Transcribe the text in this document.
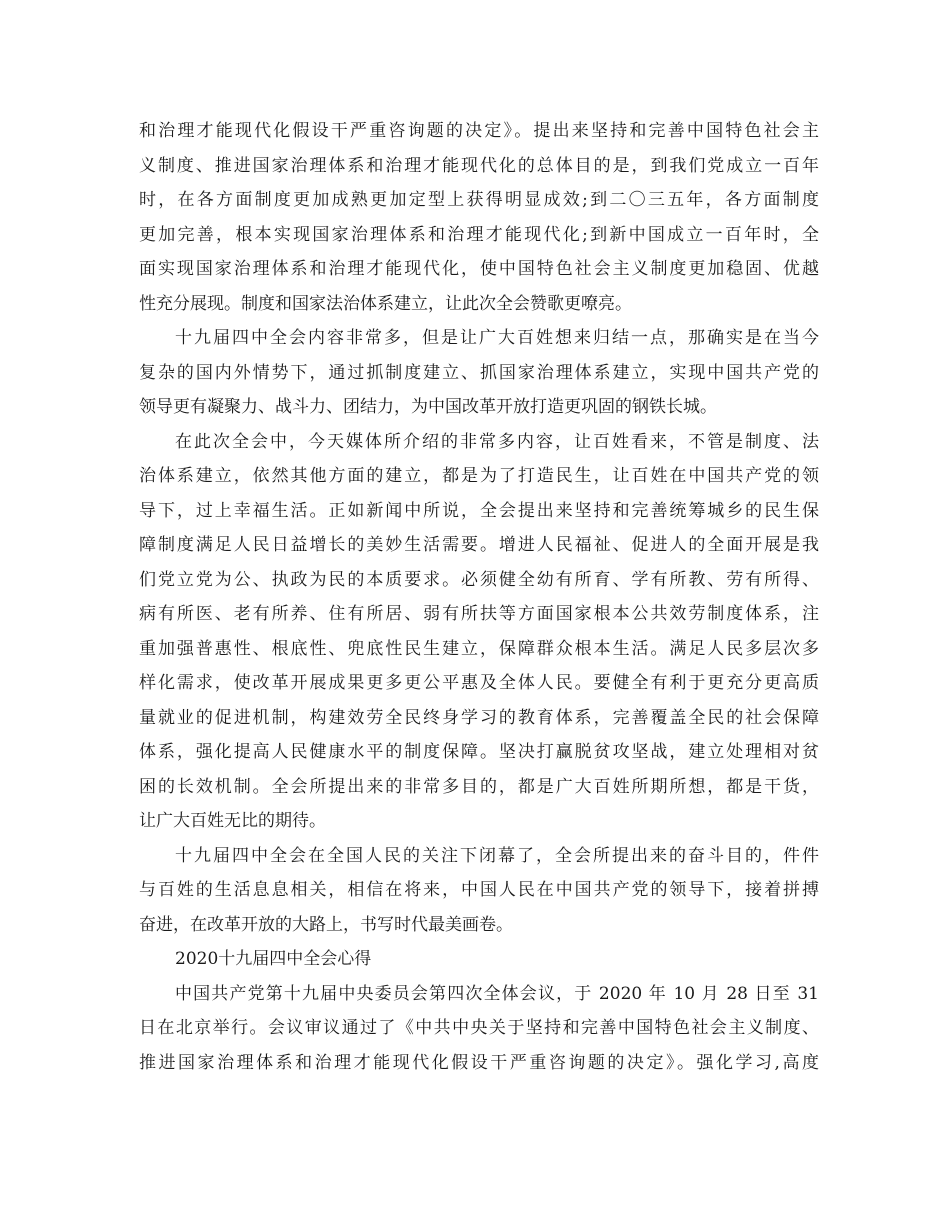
和治理才能现代化假设干严重咨询题的决定》。提出来坚持和完善中国特色社会主
义制度、推进国家治理体系和治理才能现代化的总体目的是，到我们党成立一百年
时，在各方面制度更加成熟更加定型上获得明显成效;到二〇三五年，各方面制度
更加完善，根本实现国家治理体系和治理才能现代化;到新中国成立一百年时，全
面实现国家治理体系和治理才能现代化，使中国特色社会主义制度更加稳固、优越
性充分展现。制度和国家法治体系建立，让此次全会赞歌更嘹亮。
十九届四中全会内容非常多，但是让广大百姓想来归结一点，那确实是在当今
复杂的国内外情势下，通过抓制度建立、抓国家治理体系建立，实现中国共产党的
领导更有凝聚力、战斗力、团结力，为中国改革开放打造更巩固的钢铁长城。
在此次全会中，今天媒体所介绍的非常多内容，让百姓看来，不管是制度、法
治体系建立，依然其他方面的建立，都是为了打造民生，让百姓在中国共产党的领
导下，过上幸福生活。正如新闻中所说，全会提出来坚持和完善统筹城乡的民生保
障制度满足人民日益增长的美妙生活需要。增进人民福祉、促进人的全面开展是我
们党立党为公、执政为民的本质要求。必须健全幼有所育、学有所教、劳有所得、
病有所医、老有所养、住有所居、弱有所扶等方面国家根本公共效劳制度体系，注
重加强普惠性、根底性、兜底性民生建立，保障群众根本生活。满足人民多层次多
样化需求，使改革开展成果更多更公平惠及全体人民。要健全有利于更充分更高质
量就业的促进机制，构建效劳全民终身学习的教育体系，完善覆盖全民的社会保障
体系，强化提高人民健康水平的制度保障。坚决打赢脱贫攻坚战，建立处理相对贫
困的长效机制。全会所提出来的非常多目的，都是广大百姓所期所想，都是干货，
让广大百姓无比的期待。
十九届四中全会在全国人民的关注下闭幕了，全会所提出来的奋斗目的，件件
与百姓的生活息息相关，相信在将来，中国人民在中国共产党的领导下，接着拼搏
奋进，在改革开放的大路上，书写时代最美画卷。
2020十九届四中全会心得
中国共产党第十九届中央委员会第四次全体会议，于 2020 年 10 月 28 日至 31
日在北京举行。会议审议通过了《中共中央关于坚持和完善中国特色社会主义制度、
推进国家治理体系和治理才能现代化假设干严重咨询题的决定》。强化学习,高度
